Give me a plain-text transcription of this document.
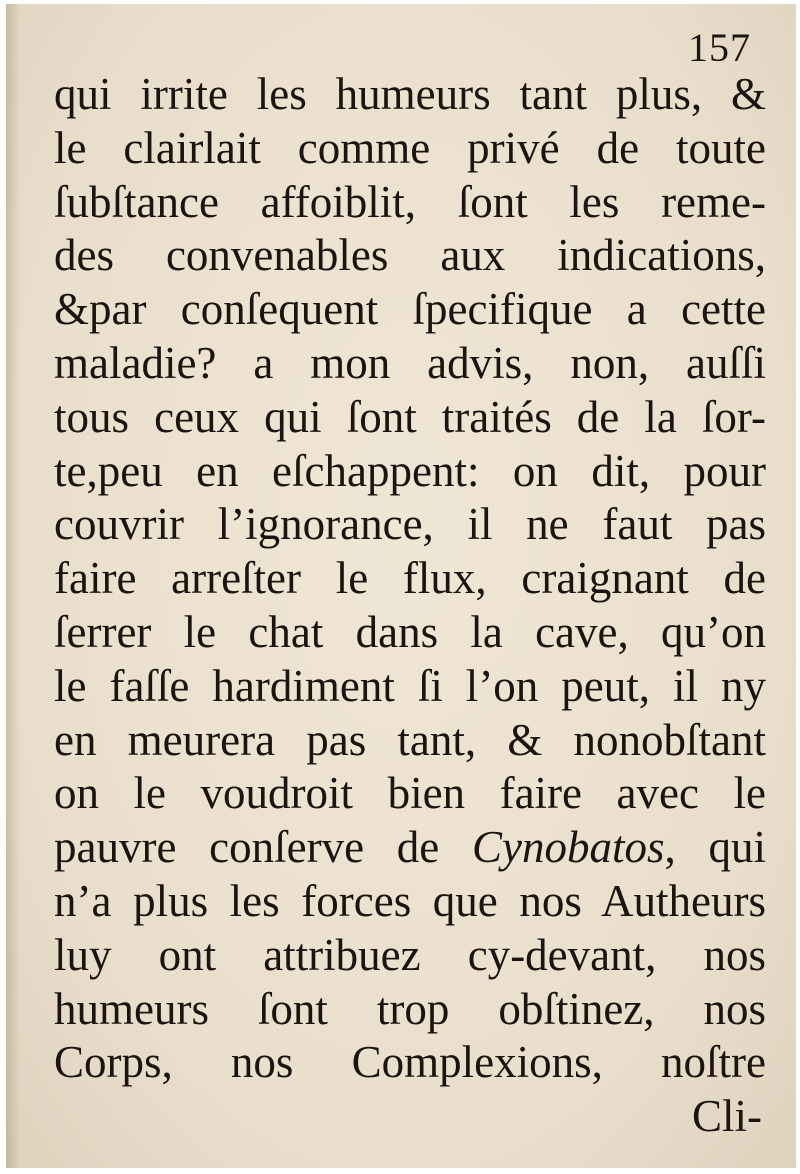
157
qui irrite les humeurs tant plus, &
le clairlait comme privé de toute
ſubſtance affoiblit, ſont les reme-
des convenables aux indications,
&par conſequent ſpecifique a cette
maladie? a mon advis, non, auſſi
tous ceux qui ſont traités de la ſor-
te,peu en eſchappent: on dit, pour
couvrir l’ignorance, il ne faut pas
faire arreſter le flux, craignant de
ſerrer le chat dans la cave, qu’on
le faſſe hardiment ſi l’on peut, il ny
en meurera pas tant, & nonobſtant
on le voudroit bien faire avec le
pauvre conſerve de Cynobatos, qui
n’a plus les forces que nos Autheurs
luy ont attribuez cy-devant, nos
humeurs ſont trop obſtinez, nos
Corps, nos Complexions, noſtre
Cli-
